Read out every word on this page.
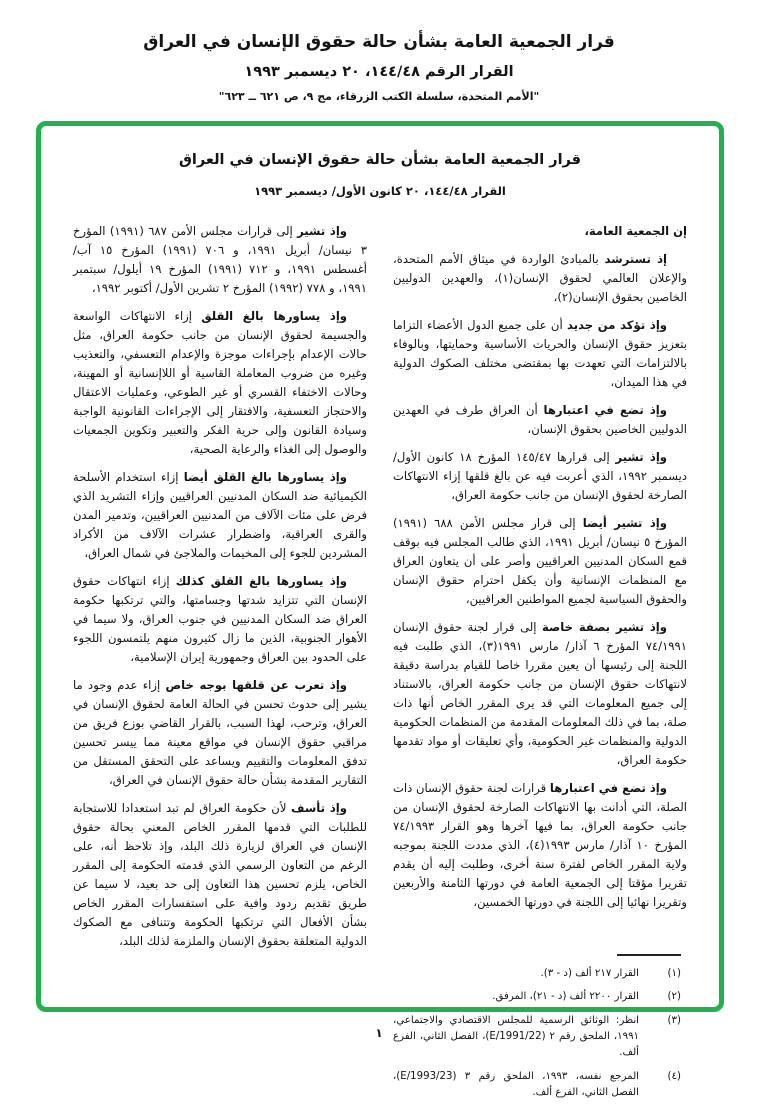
قرار الجمعية العامة بشأن حالة حقوق الإنسان في العراق
القرار الرقم ١٤٤/٤٨، ٢٠ ديسمبر ١٩٩٣
"الأمم المتحدة، سلسلة الكتب الزرقاء، مج ٩، ص ٦٢١ ــ ٦٢٣"
قرار الجمعية العامة بشأن حالة حقوق الإنسان في العراق
القرار ١٤٤/٤٨، ٢٠ كانون الأول/ ديسمبر ١٩٩٣

إن الجمعية العامة،

إذ تسترشد بالمبادئ الواردة في ميثاق الأمم المتحدة، والإعلان العالمي لحقوق الإنسان(١)، والعهدين الدوليين الخاصين بحقوق الإنسان(٢)،

وإذ تؤكد من جديد أن على جميع الدول الأعضاء التزاما بتعزيز حقوق الإنسان والحريات الأساسية وحمايتها، وبالوفاء بالالتزامات التي تعهدت بها بمقتضى مختلف الصكوك الدولية في هذا الميدان،

وإذ تضع في اعتبارها أن العراق طرف في العهدين الدوليين الخاصين بحقوق الإنسان،

وإذ تشير إلى قرارها ١٤٥/٤٧ المؤرخ ١٨ كانون الأول/ ديسمبر ١٩٩٢، الذي أعربت فيه عن بالغ قلقها إزاء الانتهاكات الصارخة لحقوق الإنسان من جانب حكومة العراق،

وإذ تشير أيضا إلى قرار مجلس الأمن ٦٨٨ (١٩٩١) المؤرخ ٥ نيسان/ أبريل ١٩٩١، الذي طالب المجلس فيه بوقف قمع السكان المدنيين العراقيين وأصر على أن يتعاون العراق مع المنظمات الإنسانية وأن يكفل احترام حقوق الإنسان والحقوق السياسية لجميع المواطنين العراقيين،

وإذ تشير بصفة خاصة إلى قرار لجنة حقوق الإنسان ٧٤/١٩٩١ المؤرخ ٦ آذار/ مارس ١٩٩١(٣)، الذي طلبت فيه اللجنة إلى رئيسها أن يعين مقررا خاصا للقيام بدراسة دقيقة لانتهاكات حقوق الإنسان من جانب حكومة العراق، بالاستناد إلى جميع المعلومات التي قد يرى المقرر الخاص أنها ذات صلة، بما في ذلك المعلومات المقدمة من المنظمات الحكومية الدولية والمنظمات غير الحكومية، وأي تعليقات أو مواد تقدمها حكومة العراق،

وإذ تضع في اعتبارها قرارات لجنة حقوق الإنسان ذات الصلة، التي أدانت بها الانتهاكات الصارخة لحقوق الإنسان من جانب حكومة العراق، بما فيها آخرها وهو القرار ٧٤/١٩٩٣ المؤرخ ١٠ آذار/ مارس ١٩٩٣(٤)، الذي مددت اللجنة بموجبه ولاية المقرر الخاص لفترة سنة أخرى، وطلبت إليه أن يقدم تقريرا مؤقتا إلى الجمعية العامة في دورتها الثامنة والأربعين وتقريرا نهائيا إلى اللجنة في دورتها الخمسين،

(١)
القرار ٢١٧ ألف (د - ٣).
(٢)
القرار ٢٢٠٠ ألف (د - ٢١)، المرفق.
(٣)
انظر: الوثائق الرسمية للمجلس الاقتصادي والاجتماعي، ١٩٩١، الملحق رقم ٢ (E/1991/22)، الفصل الثاني، الفرع ألف.
(٤)
المرجع نفسه، ١٩٩٣، الملحق رقم ٣ (E/1993/23)، الفصل الثاني، الفرع ألف.

وإذ تشير إلى قرارات مجلس الأمن ٦٨٧ (١٩٩١) المؤرخ ٣ نيسان/ أبريل ١٩٩١، و ٧٠٦ (١٩٩١) المؤرخ ١٥ آب/ أغسطس ١٩٩١، و ٧١٢ (١٩٩١) المؤرخ ١٩ أيلول/ سبتمبر ١٩٩١، و ٧٧٨ (١٩٩٢) المؤرخ ٢ تشرين الأول/ أكتوبر ١٩٩٢،

وإذ يساورها بالغ القلق إزاء الانتهاكات الواسعة والجسيمة لحقوق الإنسان من جانب حكومة العراق، مثل حالات الإعدام بإجراءات موجزة والإعدام التعسفي، والتعذيب وغيره من ضروب المعاملة القاسية أو اللاإنسانية أو المهينة، وحالات الاختفاء القسري أو غير الطوعي، وعمليات الاعتقال والاحتجاز التعسفية، والافتقار إلى الإجراءات القانونية الواجبة وسيادة القانون وإلى حرية الفكر والتعبير وتكوين الجمعيات والوصول إلى الغذاء والرعاية الصحية،

وإذ يساورها بالغ القلق أيضا إزاء استخدام الأسلحة الكيميائية ضد السكان المدنيين العراقيين وإزاء التشريد الذي فرض على مئات الآلاف من المدنيين العراقيين، وتدمير المدن والقرى العراقية، واضطرار عشرات الآلاف من الأكراد المشردين للجوء إلى المخيمات والملاجئ في شمال العراق،

وإذ يساورها بالغ القلق كذلك إزاء انتهاكات حقوق الإنسان التي تتزايد شدتها وجسامتها، والتي ترتكبها حكومة العراق ضد السكان المدنيين في جنوب العراق، ولا سيما في الأهوار الجنوبية، الذين ما زال كثيرون منهم يلتمسون اللجوء على الحدود بين العراق وجمهورية إيران الإسلامية،

وإذ تعرب عن قلقها بوجه خاص إزاء عدم وجود ما يشير إلى حدوث تحسن في الحالة العامة لحقوق الإنسان في العراق، وترحب، لهذا السبب، بالقرار القاضي بوزع فريق من مراقبي حقوق الإنسان في مواقع معينة مما ييسر تحسين تدفق المعلومات والتقييم ويساعد على التحقق المستقل من التقارير المقدمة بشأن حالة حقوق الإنسان في العراق،

وإذ تأسف لأن حكومة العراق لم تبد استعدادا للاستجابة للطلبات التي قدمها المقرر الخاص المعني بحالة حقوق الإنسان في العراق لزيارة ذلك البلد، وإذ تلاحظ أنه، على الرغم من التعاون الرسمي الذي قدمته الحكومة إلى المقرر الخاص، يلزم تحسين هذا التعاون إلى حد بعيد، لا سيما عن طريق تقديم ردود وافية على استفسارات المقرر الخاص بشأن الأفعال التي ترتكبها الحكومة وتتنافى مع الصكوك الدولية المتعلقة بحقوق الإنسان والملزمة لذلك البلد،

١
